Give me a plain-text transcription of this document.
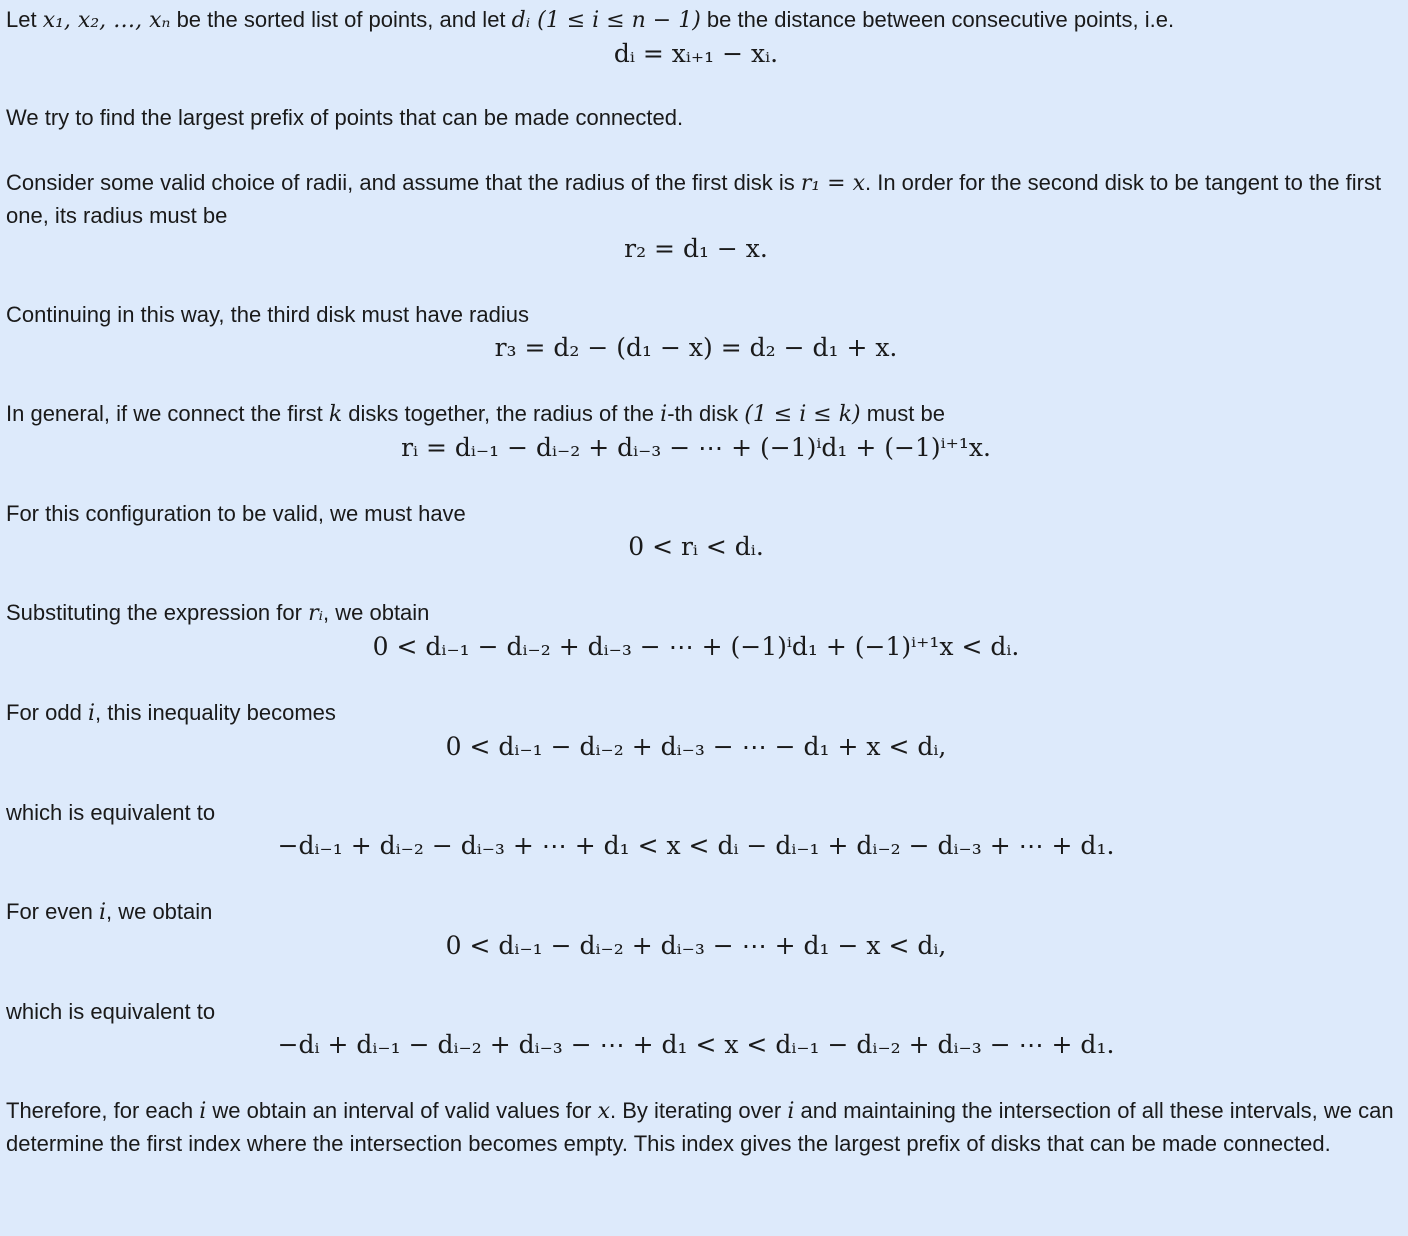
Let x₁, x₂, …, xₙ be the sorted list of points, and let dᵢ (1 ≤ i ≤ n − 1) be the distance between consecutive points, i.e.

dᵢ = xᵢ₊₁ − xᵢ.

We try to find the largest prefix of points that can be made connected.

Consider some valid choice of radii, and assume that the radius of the first disk is r₁ = x. In order for the second disk to be tangent to the first one, its radius must be

r₂ = d₁ − x.

Continuing in this way, the third disk must have radius

r₃ = d₂ − (d₁ − x) = d₂ − d₁ + x.

In general, if we connect the first k disks together, the radius of the i-th disk (1 ≤ i ≤ k) must be

rᵢ = dᵢ₋₁ − dᵢ₋₂ + dᵢ₋₃ − ⋯ + (−1)ⁱd₁ + (−1)ⁱ⁺¹x.

For this configuration to be valid, we must have

0 < rᵢ < dᵢ.

Substituting the expression for rᵢ, we obtain

0 < dᵢ₋₁ − dᵢ₋₂ + dᵢ₋₃ − ⋯ + (−1)ⁱd₁ + (−1)ⁱ⁺¹x < dᵢ.

For odd i, this inequality becomes

0 < dᵢ₋₁ − dᵢ₋₂ + dᵢ₋₃ − ⋯ − d₁ + x < dᵢ,

which is equivalent to

−dᵢ₋₁ + dᵢ₋₂ − dᵢ₋₃ + ⋯ + d₁ < x < dᵢ − dᵢ₋₁ + dᵢ₋₂ − dᵢ₋₃ + ⋯ + d₁.

For even i, we obtain

0 < dᵢ₋₁ − dᵢ₋₂ + dᵢ₋₃ − ⋯ + d₁ − x < dᵢ,

which is equivalent to

−dᵢ + dᵢ₋₁ − dᵢ₋₂ + dᵢ₋₃ − ⋯ + d₁ < x < dᵢ₋₁ − dᵢ₋₂ + dᵢ₋₃ − ⋯ + d₁.

Therefore, for each i we obtain an interval of valid values for x. By iterating over i and maintaining the intersection of all these intervals, we can determine the first index where the intersection becomes empty. This index gives the largest prefix of disks that can be made connected.
